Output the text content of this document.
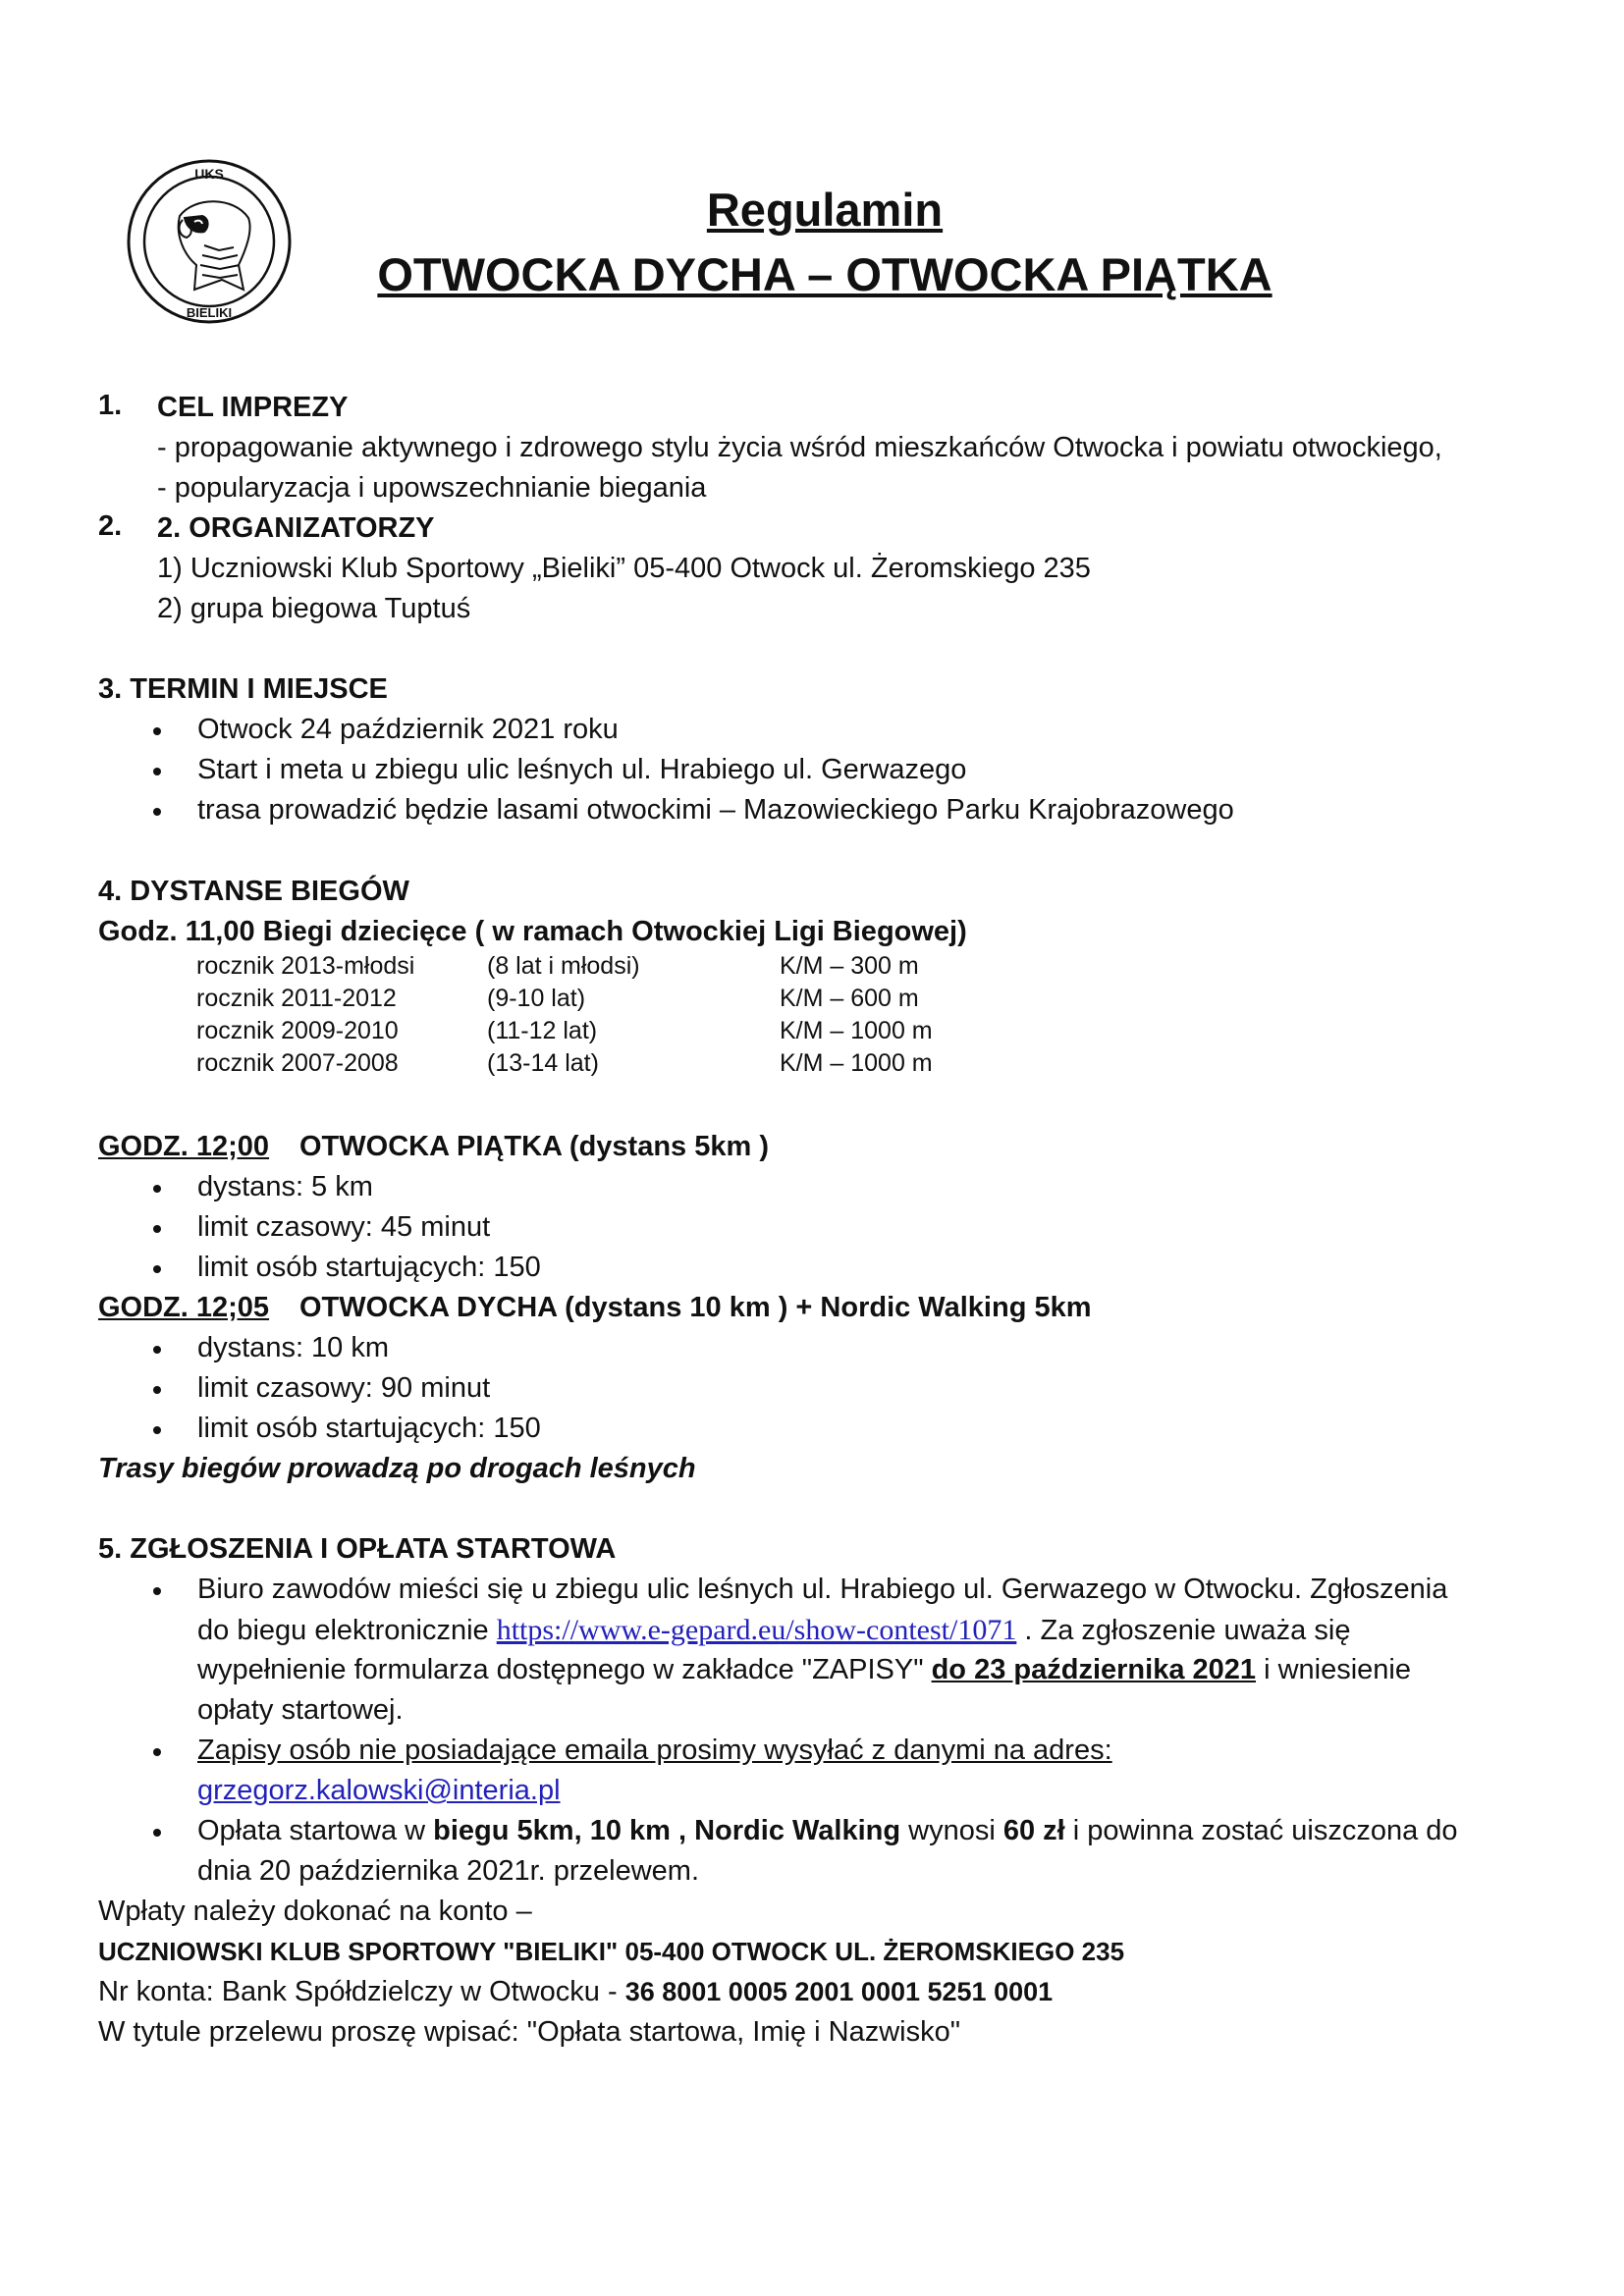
UKS
BIELIKI
Regulamin
OTWOCKA DYCHA – OTWOCKA PIĄTKA
1. CEL IMPREZY
- propagowanie aktywnego i zdrowego stylu życia wśród mieszkańców Otwocka i powiatu otwockiego,
- popularyzacja i upowszechnianie biegania
2. 2. ORGANIZATORZY
1) Uczniowski Klub Sportowy „Bieliki” 05-400 Otwock ul. Żeromskiego 235
2) grupa biegowa Tuptuś
3. TERMIN I MIEJSCE
Otwock 24 październik 2021 roku
Start i meta u zbiegu ulic leśnych ul. Hrabiego ul. Gerwazego
trasa prowadzić będzie lasami otwockimi – Mazowieckiego Parku Krajobrazowego
4. DYSTANSE BIEGÓW
Godz. 11,00 Biegi dziecięce ( w ramach Otwockiej Ligi Biegowej)
rocznik 2013-młodsi	(8 lat i młodsi)	K/M – 300 m
rocznik 2011-2012	(9-10 lat)	K/M – 600 m
rocznik 2009-2010	(11-12 lat)	K/M – 1000 m
rocznik 2007-2008	(13-14 lat)	K/M – 1000 m
GODZ. 12;00 OTWOCKA PIĄTKA (dystans 5km )
dystans: 5 km
limit czasowy: 45 minut
limit osób startujących: 150
GODZ. 12;05 OTWOCKA DYCHA (dystans 10 km ) + Nordic Walking 5km
dystans: 10 km
limit czasowy: 90 minut
limit osób startujących: 150
Trasy biegów prowadzą po drogach leśnych
5. ZGŁOSZENIA I OPŁATA STARTOWA
Biuro zawodów mieści się u zbiegu ulic leśnych ul. Hrabiego ul. Gerwazego w Otwocku. Zgłoszenia
do biegu elektronicznie https://www.e-gepard.eu/show-contest/1071 . Za zgłoszenie uważa się
wypełnienie formularza dostępnego w zakładce "ZAPISY" do 23 października 2021 i wniesienie
opłaty startowej.
Zapisy osób nie posiadające emaila prosimy wysyłać z danymi na adres:
grzegorz.kalowski@interia.pl
Opłata startowa w biegu 5km, 10 km , Nordic Walking wynosi 60 zł i powinna zostać uiszczona do
dnia 20 października 2021r. przelewem.
Wpłaty należy dokonać na konto –
UCZNIOWSKI KLUB SPORTOWY "BIELIKI" 05-400 OTWOCK UL. ŻEROMSKIEGO 235
Nr konta: Bank Spółdzielczy w Otwocku - 36 8001 0005 2001 0001 5251 0001
W tytule przelewu proszę wpisać: "Opłata startowa, Imię i Nazwisko"
